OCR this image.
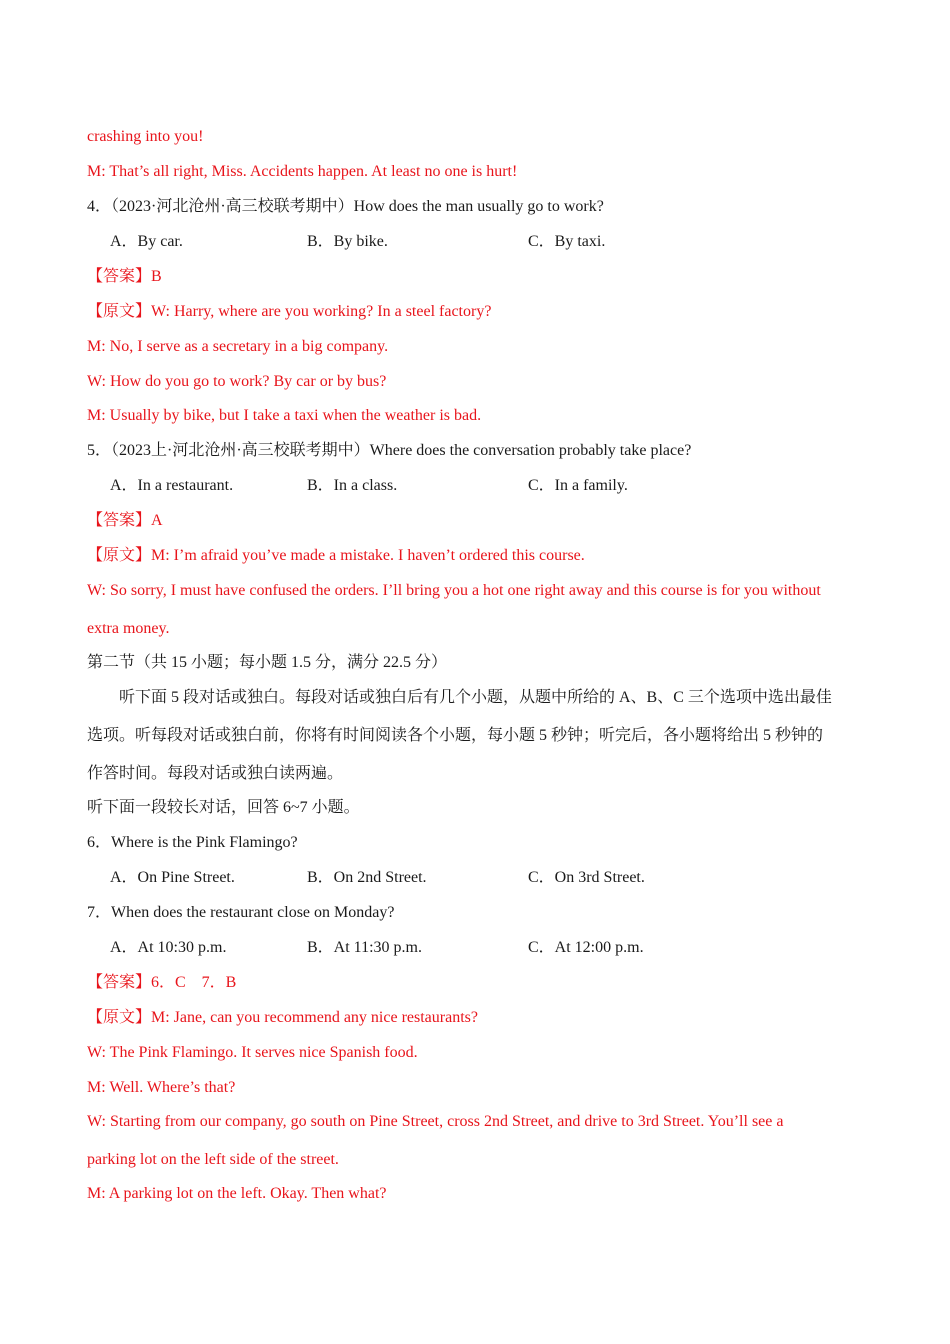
crashing into you!
M: That’s all right, Miss. Accidents happen. At least no one is hurt!
4．（2023·河北沧州·高三校联考期中）How does the man usually go to work?
A．By car.	B．By bike.	C．By taxi.
【答案】B
【原文】W: Harry, where are you working? In a steel factory?
M: No, I serve as a secretary in a big company.
W: How do you go to work? By car or by bus?
M: Usually by bike, but I take a taxi when the weather is bad.
5．（2023上·河北沧州·高三校联考期中）Where does the conversation probably take place?
A．In a restaurant.	B．In a class.	C．In a family.
【答案】A
【原文】M: I’m afraid you’ve made a mistake. I haven’t ordered this course.
W: So sorry, I must have confused the orders. I’ll bring you a hot one right away and this course is for you without
extra money.
第二节（共 15 小题；每小题 1.5 分，满分 22.5 分）
听下面 5 段对话或独白。每段对话或独白后有几个小题，从题中所给的 A、B、C 三个选项中选出最佳
选项。听每段对话或独白前，你将有时间阅读各个小题，每小题 5 秒钟；听完后，各小题将给出 5 秒钟的
作答时间。每段对话或独白读两遍。
听下面一段较长对话，回答 6~7 小题。
6．Where is the Pink Flamingo?
A．On Pine Street.	B．On 2nd Street.	C．On 3rd Street.
7．When does the restaurant close on Monday?
A．At 10:30 p.m.	B．At 11:30 p.m.	C．At 12:00 p.m.
【答案】6．C　7．B
【原文】M: Jane, can you recommend any nice restaurants?
W: The Pink Flamingo. It serves nice Spanish food.
M: Well. Where’s that?
W: Starting from our company, go south on Pine Street, cross 2nd Street, and drive to 3rd Street. You’ll see a
parking lot on the left side of the street.
M: A parking lot on the left. Okay. Then what?
